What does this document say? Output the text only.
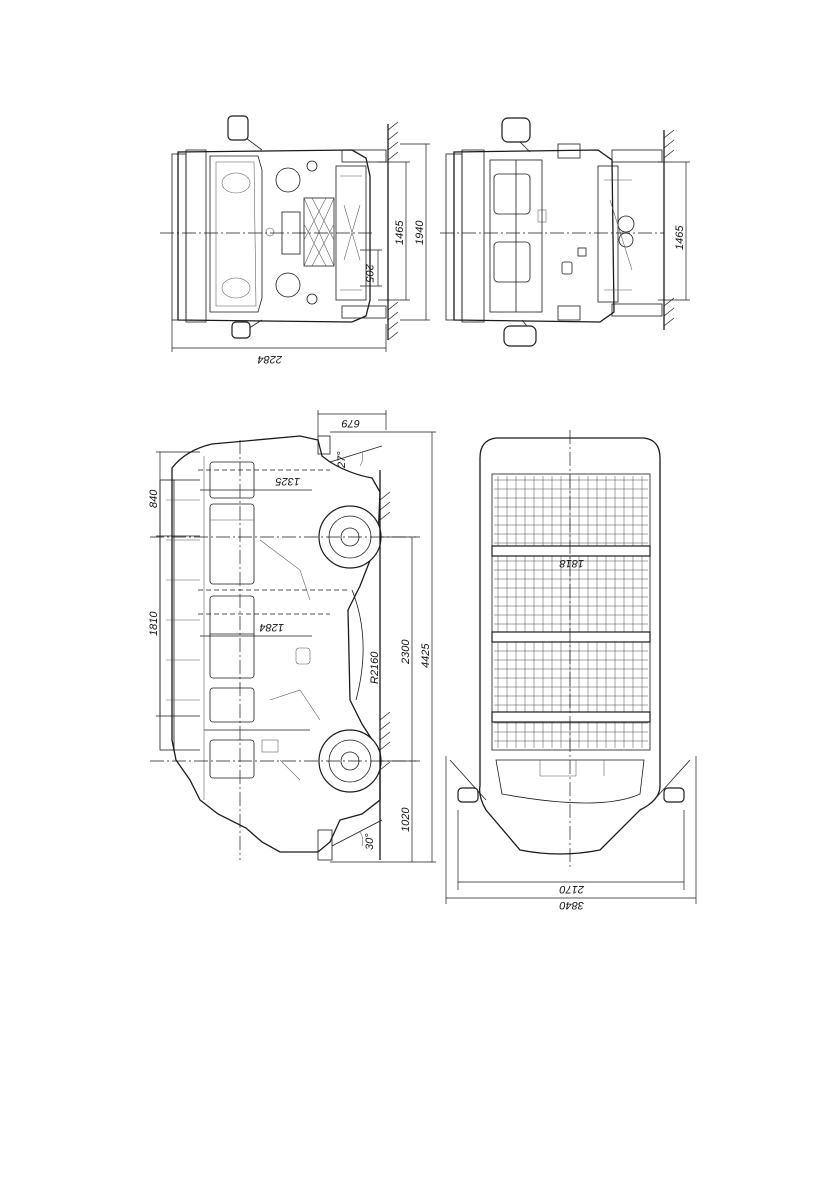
1465 1940
205
2284
1465
679
840
1325
1810	1284
R2160 2300 4425
1020
27°
30°
1818
2170
3840
